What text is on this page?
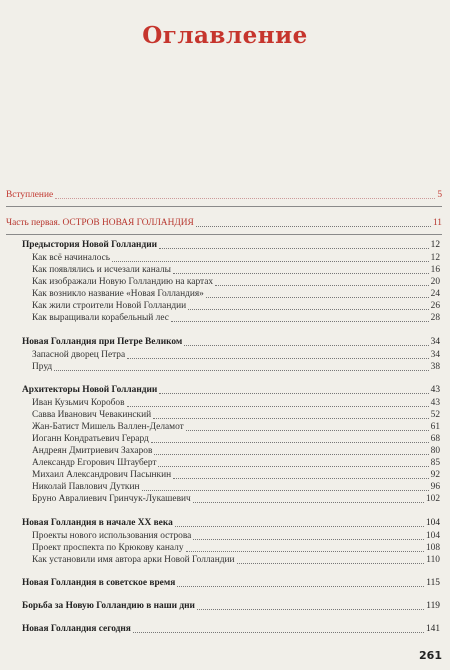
Оглавление
Вступление	5
Часть первая. ОСТРОВ НОВАЯ ГОЛЛАНДИЯ	11
Предыстория Новой Голландии	12
Как всё начиналось	12
Как появлялись и исчезали каналы	16
Как изображали Новую Голландию на картах	20
Как возникло название «Новая Голландия»	24
Как жили строители Новой Голландии	26
Как выращивали корабельный лес	28
Новая Голландия при Петре Великом	34
Запасной дворец Петра	34
Пруд	38
Архитекторы Новой Голландии	43
Иван Кузьмич Коробов	43
Савва Иванович Чевакинский	52
Жан-Батист Мишель Валлен-Деламот	61
Иоганн Кондратьевич Герард	68
Андреян Дмитриевич Захаров	80
Александр Егорович Штауберт	85
Михаил Александрович Пасынкин	92
Николай Павлович Дуткин	96
Бруно Авралиевич Гринчук-Лукашевич	102
Новая Голландия в начале XX века	104
Проекты нового использования острова	104
Проект проспекта по Крюкову каналу	108
Как установили имя автора арки Новой Голландии	110
Новая Голландия в советское время	115
Борьба за Новую Голландию в наши дни	119
Новая Голландия сегодня	141
261
